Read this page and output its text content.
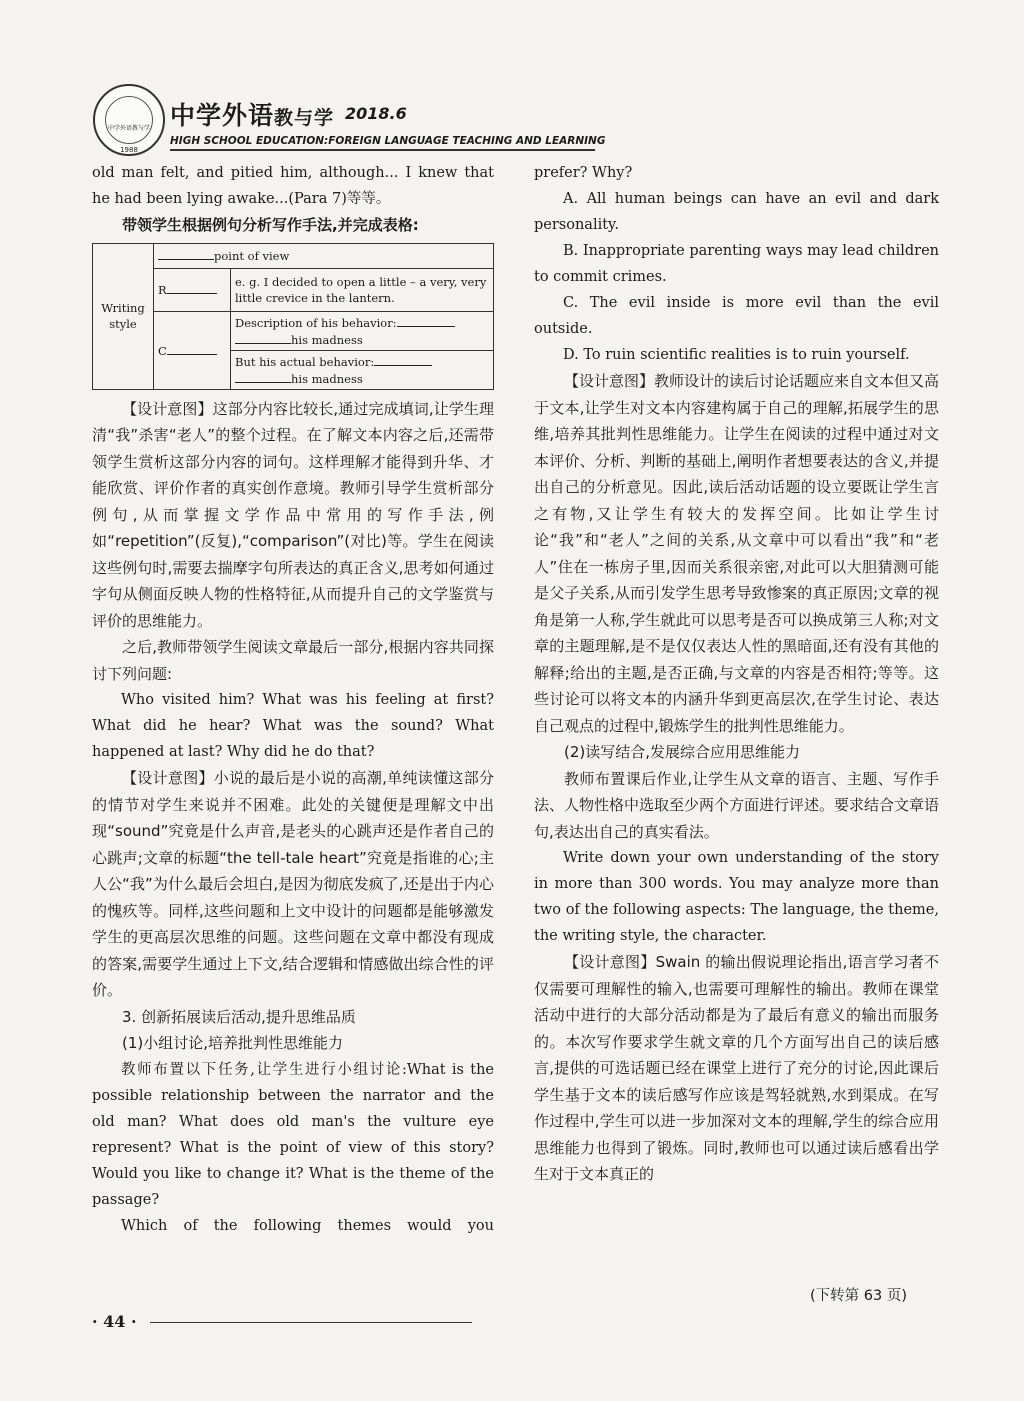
中学外语教与学
1988
中学外语教与学 2018.6
HIGH SCHOOL EDUCATION:FOREIGN LANGUAGE TEACHING AND LEARNING

old man felt, and pitied him, although... I knew that he had been lying awake...(Para 7)等等。

带领学生根据例句分析写作手法,并完成表格:

Writing style	point of view	
	R	e. g. I decided to open a little – a very, very little crevice in the lantern.
	C	Description of his behavior:
his madness
		But his actual behavior:
his madness

【设计意图】这部分内容比较长,通过完成填词,让学生理清“我”杀害“老人”的整个过程。在了解文本内容之后,还需带领学生赏析这部分内容的词句。这样理解才能得到升华、才能欣赏、评价作者的真实创作意境。教师引导学生赏析部分例句,从而掌握文学作品中常用的写作手法,例如“repetition”(反复),“comparison”(对比)等。学生在阅读这些例句时,需要去揣摩字句所表达的真正含义,思考如何通过字句从侧面反映人物的性格特征,从而提升自己的文学鉴赏与评价的思维能力。

之后,教师带领学生阅读文章最后一部分,根据内容共同探讨下列问题:

Who visited him? What was his feeling at first? What did he hear? What was the sound? What happened at last? Why did he do that?

【设计意图】小说的最后是小说的高潮,单纯读懂这部分的情节对学生来说并不困难。此处的关键便是理解文中出现“sound”究竟是什么声音,是老头的心跳声还是作者自己的心跳声;文章的标题“the tell-tale heart”究竟是指谁的心;主人公“我”为什么最后会坦白,是因为彻底发疯了,还是出于内心的愧疚等。同样,这些问题和上文中设计的问题都是能够激发学生的更高层次思维的问题。这些问题在文章中都没有现成的答案,需要学生通过上下文,结合逻辑和情感做出综合性的评价。

3. 创新拓展读后活动,提升思维品质

(1)小组讨论,培养批判性思维能力

教师布置以下任务,让学生进行小组讨论:What is the possible relationship between the narrator and the old man? What does old man's the vulture eye represent? What is the point of view of this story? Would you like to change it? What is the theme of the passage?

Which of the following themes would you

prefer? Why?

A. All human beings can have an evil and dark personality.

B. Inappropriate parenting ways may lead children to commit crimes.

C. The evil inside is more evil than the evil outside.

D. To ruin scientific realities is to ruin yourself.

【设计意图】教师设计的读后讨论话题应来自文本但又高于文本,让学生对文本内容建构属于自己的理解,拓展学生的思维,培养其批判性思维能力。让学生在阅读的过程中通过对文本评价、分析、判断的基础上,阐明作者想要表达的含义,并提出自己的分析意见。因此,读后活动话题的设立要既让学生言之有物,又让学生有较大的发挥空间。比如让学生讨论“我”和“老人”之间的关系,从文章中可以看出“我”和“老人”住在一栋房子里,因而关系很亲密,对此可以大胆猜测可能是父子关系,从而引发学生思考导致惨案的真正原因;文章的视角是第一人称,学生就此可以思考是否可以换成第三人称;对文章的主题理解,是不是仅仅表达人性的黑暗面,还有没有其他的解释;给出的主题,是否正确,与文章的内容是否相符;等等。这些讨论可以将文本的内涵升华到更高层次,在学生讨论、表达自己观点的过程中,锻炼学生的批判性思维能力。

(2)读写结合,发展综合应用思维能力

教师布置课后作业,让学生从文章的语言、主题、写作手法、人物性格中选取至少两个方面进行评述。要求结合文章语句,表达出自己的真实看法。

Write down your own understanding of the story in more than 300 words. You may analyze more than two of the following aspects: The language, the theme, the writing style, the character.

【设计意图】Swain 的输出假说理论指出,语言学习者不仅需要可理解性的输入,也需要可理解性的输出。教师在课堂活动中进行的大部分活动都是为了最后有意义的输出而服务的。本次写作要求学生就文章的几个方面写出自己的读后感言,提供的可选话题已经在课堂上进行了充分的讨论,因此课后学生基于文本的读后感写作应该是驾轻就熟,水到渠成。在写作过程中,学生可以进一步加深对文本的理解,学生的综合应用思维能力也得到了锻炼。同时,教师也可以通过读后感看出学生对于文本真正的

(下转第 63 页)
· 44 ·
